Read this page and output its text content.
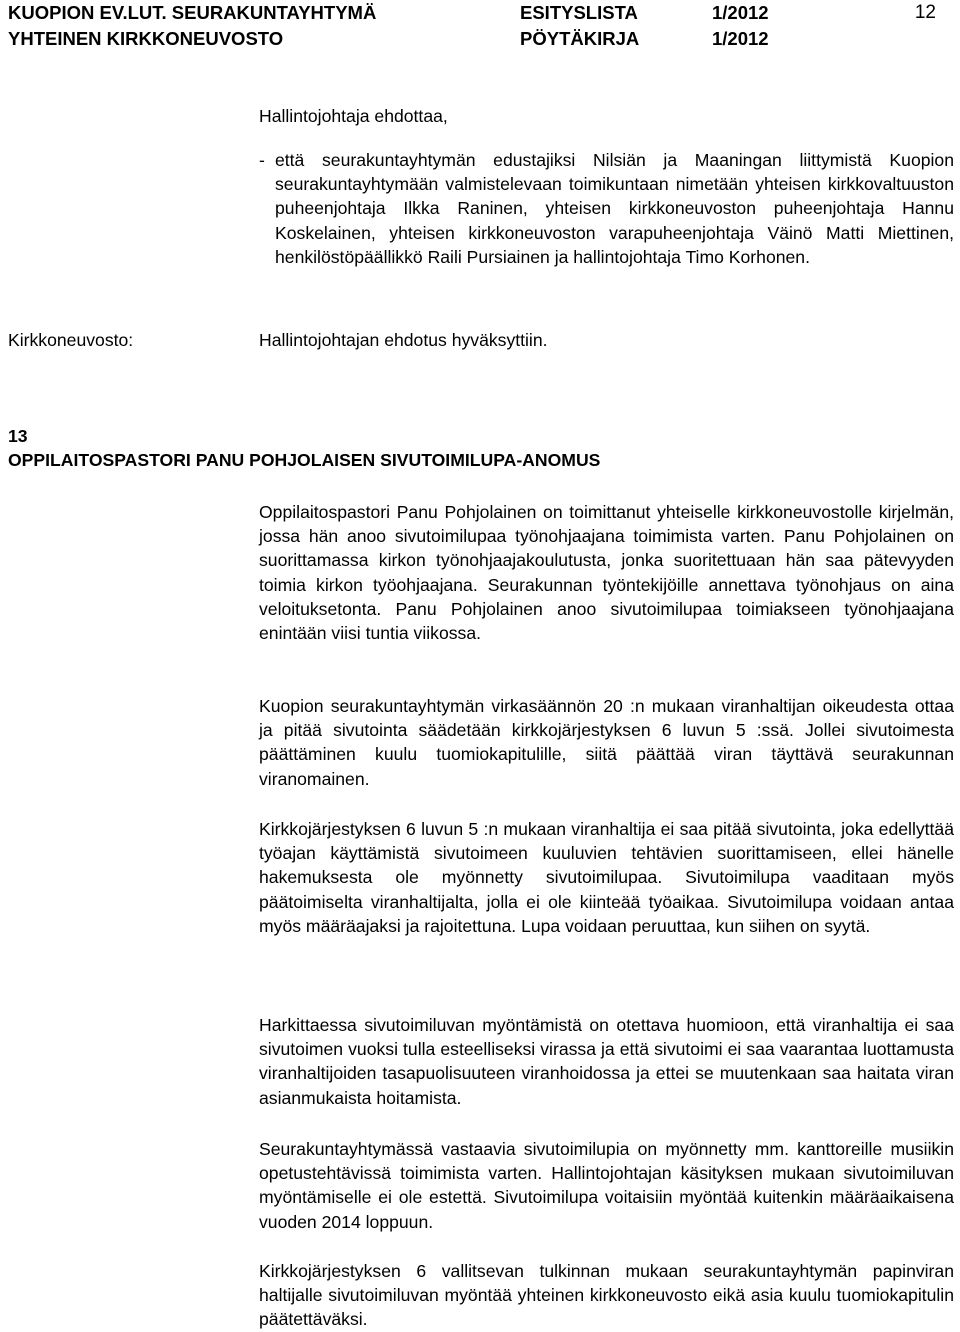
KUOPION EV.LUT. SEURAKUNTAYHTYMÄ	ESITYSLISTA	1/2012	12
YHTEINEN KIRKKONEUVOSTO	PÖYTÄKIRJA	1/2012
Hallintojohtaja ehdottaa,
- että seurakuntayhtymän edustajiksi Nilsiän ja Maaningan liittymistä Kuopion seurakuntayhtymään valmistelevaan toimikuntaan nimetään yhteisen kirkkovaltuuston puheenjohtaja Ilkka Raninen, yhteisen kirkkoneuvoston puheenjohtaja Hannu Koskelainen, yhteisen kirkkoneuvoston varapuheenjohtaja Väinö Matti Miettinen, henkilöstöpäällikkö Raili Pursiainen ja hallintojohtaja Timo Korhonen.
Kirkkoneuvosto:	Hallintojohtajan ehdotus hyväksyttiin.
13
OPPILAITOSPASTORI PANU POHJOLAISEN SIVUTOIMILUPA-ANOMUS
Oppilaitospastori Panu Pohjolainen on toimittanut yhteiselle kirkkoneuvostolle kirjelmän, jossa hän anoo sivutoimilupaa työnohjaajana toimimista varten. Panu Pohjolainen on suorittamassa kirkon työnohjaajakoulutusta, jonka suoritettuaan hän saa pätevyyden toimia kirkon työohjaajana. Seurakunnan työntekijöille annettava työnohjaus on aina veloituksetonta. Panu Pohjolainen anoo sivutoimilupaa toimiakseen työnohjaajana enintään viisi tuntia viikossa.
Kuopion seurakuntayhtymän virkasäännön 20 :n mukaan viranhaltijan oikeudesta ottaa ja pitää sivutointa säädetään kirkkojärjestyksen 6 luvun 5 :ssä. Jollei sivutoimesta päättäminen kuulu tuomiokapitulille, siitä päättää viran täyttävä seurakunnan viranomainen.
Kirkkojärjestyksen 6 luvun 5 :n mukaan viranhaltija ei saa pitää sivutointa, joka edellyttää työajan käyttämistä sivutoimeen kuuluvien tehtävien suorittamiseen, ellei hänelle hakemuksesta ole myönnetty sivutoimilupaa. Sivutoimilupa vaaditaan myös päätoimiselta viranhaltijalta, jolla ei ole kiinteää työaikaa. Sivutoimilupa voidaan antaa myös määräajaksi ja rajoitettuna. Lupa voidaan peruuttaa, kun siihen on syytä.
Harkittaessa sivutoimiluvan myöntämistä on otettava huomioon, että viranhaltija ei saa sivutoimen vuoksi tulla esteelliseksi virassa ja että sivutoimi ei saa vaarantaa luottamusta viranhaltijoiden tasapuolisuuteen viranhoidossa ja ettei se muutenkaan saa haitata viran asianmukaista hoitamista.
Seurakuntayhtymässä vastaavia sivutoimilupia on myönnetty mm. kanttoreille musiikin opetustehtävissä toimimista varten. Hallintojohtajan käsityksen mukaan sivutoimiluvan myöntämiselle ei ole estettä. Sivutoimilupa voitaisiin myöntää kuitenkin määräaikaisena vuoden 2014 loppuun.
Kirkkojärjestyksen 6 vallitsevan tulkinnan mukaan seurakuntayhtymän papinviran haltijalle sivutoimiluvan myöntää yhteinen kirkkoneuvosto eikä asia kuulu tuomiokapitulin päätettäväksi.
